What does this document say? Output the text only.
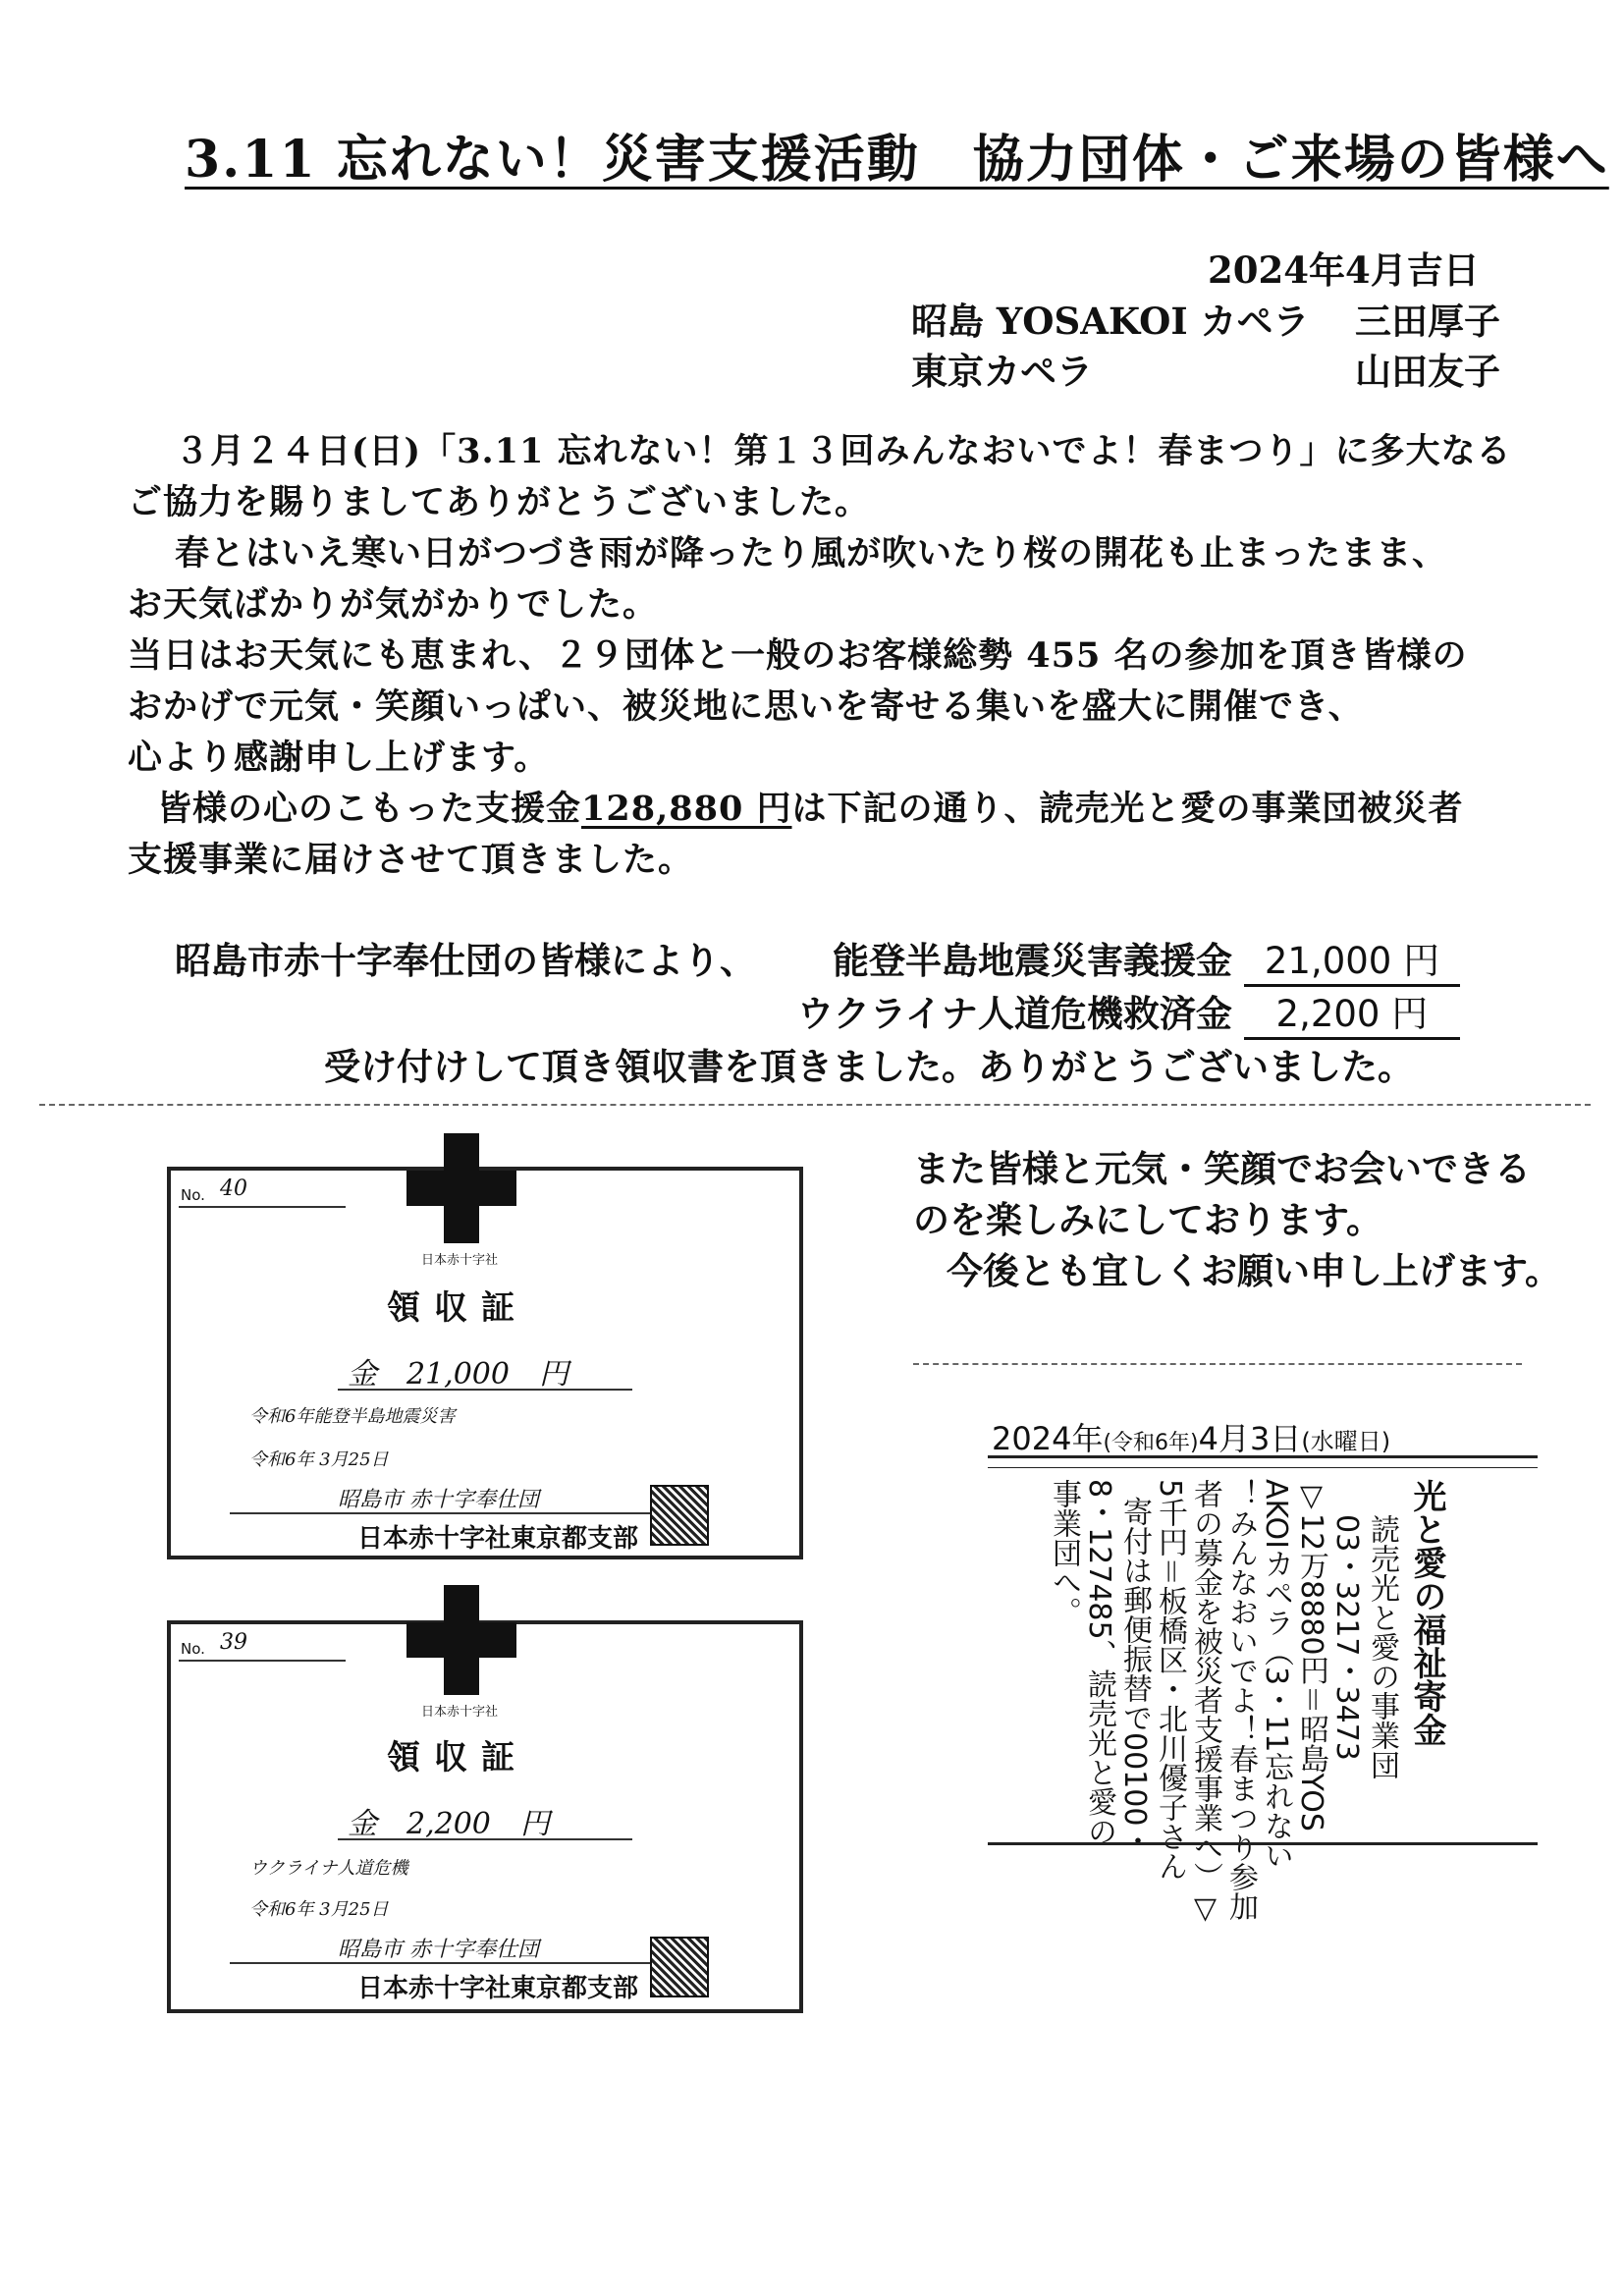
3.11 忘れない！災害支援活動　協力団体・ご来場の皆様へ
2024年4月吉日
昭島 YOSAKOI カペラ 三田厚子
東京カペラ	山田友子
３月２４日(日)「3.11 忘れない！第１３回みんなおいでよ！春まつり」に多大なる
ご協力を賜りましてありがとうございました。
春とはいえ寒い日がつづき雨が降ったり風が吹いたり桜の開花も止まったまま、
お天気ばかりが気がかりでした。
当日はお天気にも恵まれ、２９団体と一般のお客様総勢 455 名の参加を頂き皆様の
おかげで元気・笑顔いっぱい、被災地に思いを寄せる集いを盛大に開催でき、
心より感謝申し上げます。
皆様の心のこもった支援金128,880 円は下記の通り、読売光と愛の事業団被災者
支援事業に届けさせて頂きました。
昭島市赤十字奉仕団の皆様により、 能登半島地震災害義援金 21,000 円
ウクライナ人道危機救済金 2,200 円
受け付けして頂き領収書を頂きました。ありがとうございました。
No. 40
日本赤十字社
領収証
金　21,000　円
令和6年能登半島地震災害
令和6年 3月25日
昭島市 赤十字奉仕団
日本赤十字社東京都支部
No. 39
日本赤十字社
領収証
金　2,200　円
ウクライナ人道危機
令和6年 3月25日
昭島市 赤十字奉仕団
日本赤十字社東京都支部
また皆様と元気・笑顔でお会いできる
のを楽しみにしております。
今後とも宜しくお願い申し上げます。
2024年(令和6年)4月3日(水曜日)
光と愛の福祉寄金
読売光と愛の事業団
03・3217・3473
▽12万8880円＝昭島YOS
AKOIカペラ（3・11忘れない
！みんなおいでよ！春まつり参加
者の募金を被災者支援事業へ）▽
5千円＝板橋区・北川優子さん
寄付は郵便振替で00100・
8・127485、読売光と愛の
事業団へ。
